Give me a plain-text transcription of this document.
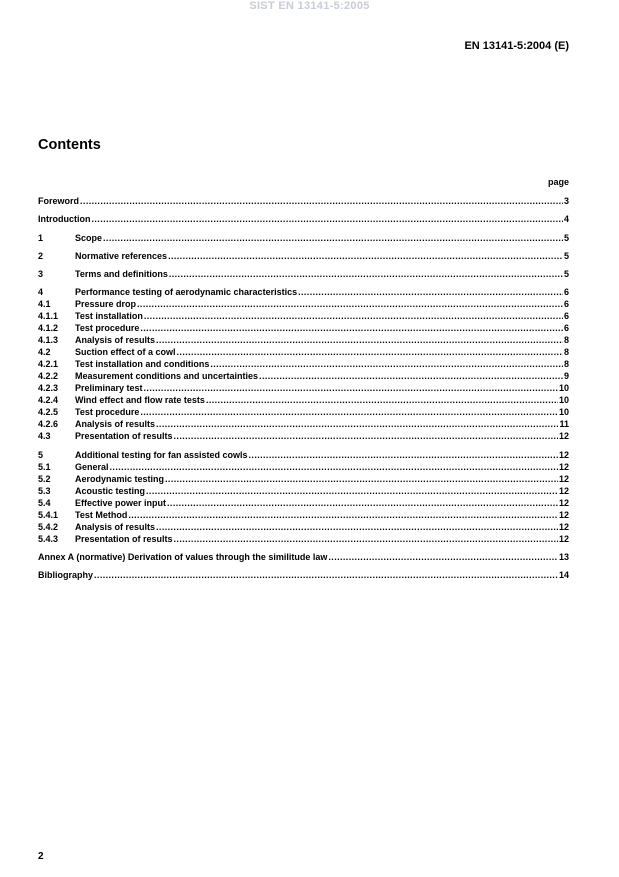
SIST EN 13141-5:2005
EN 13141-5:2004 (E)
Contents
page
Foreword .....	3
Introduction .....	4
1	Scope .....	5
2	Normative references .....	5
3	Terms and definitions .....	5
4	Performance testing of aerodynamic characteristics .....	6
4.1	Pressure drop .....	6
4.1.1	Test installation .....	6
4.1.2	Test procedure .....	6
4.1.3	Analysis of results .....	8
4.2	Suction effect of a cowl .....	8
4.2.1	Test installation and conditions .....	8
4.2.2	Measurement conditions and uncertainties .....	9
4.2.3	Preliminary test .....	10
4.2.4	Wind effect and flow rate tests .....	10
4.2.5	Test procedure .....	10
4.2.6	Analysis of results .....	11
4.3	Presentation of results .....	12
5	Additional testing for fan assisted cowls .....	12
5.1	General .....	12
5.2	Aerodynamic testing .....	12
5.3	Acoustic testing .....	12
5.4	Effective power input .....	12
5.4.1	Test Method .....	12
5.4.2	Analysis of results .....	12
5.4.3	Presentation of results .....	12
Annex A (normative) Derivation of values through the similitude law .....	13
Bibliography .....	14
2
